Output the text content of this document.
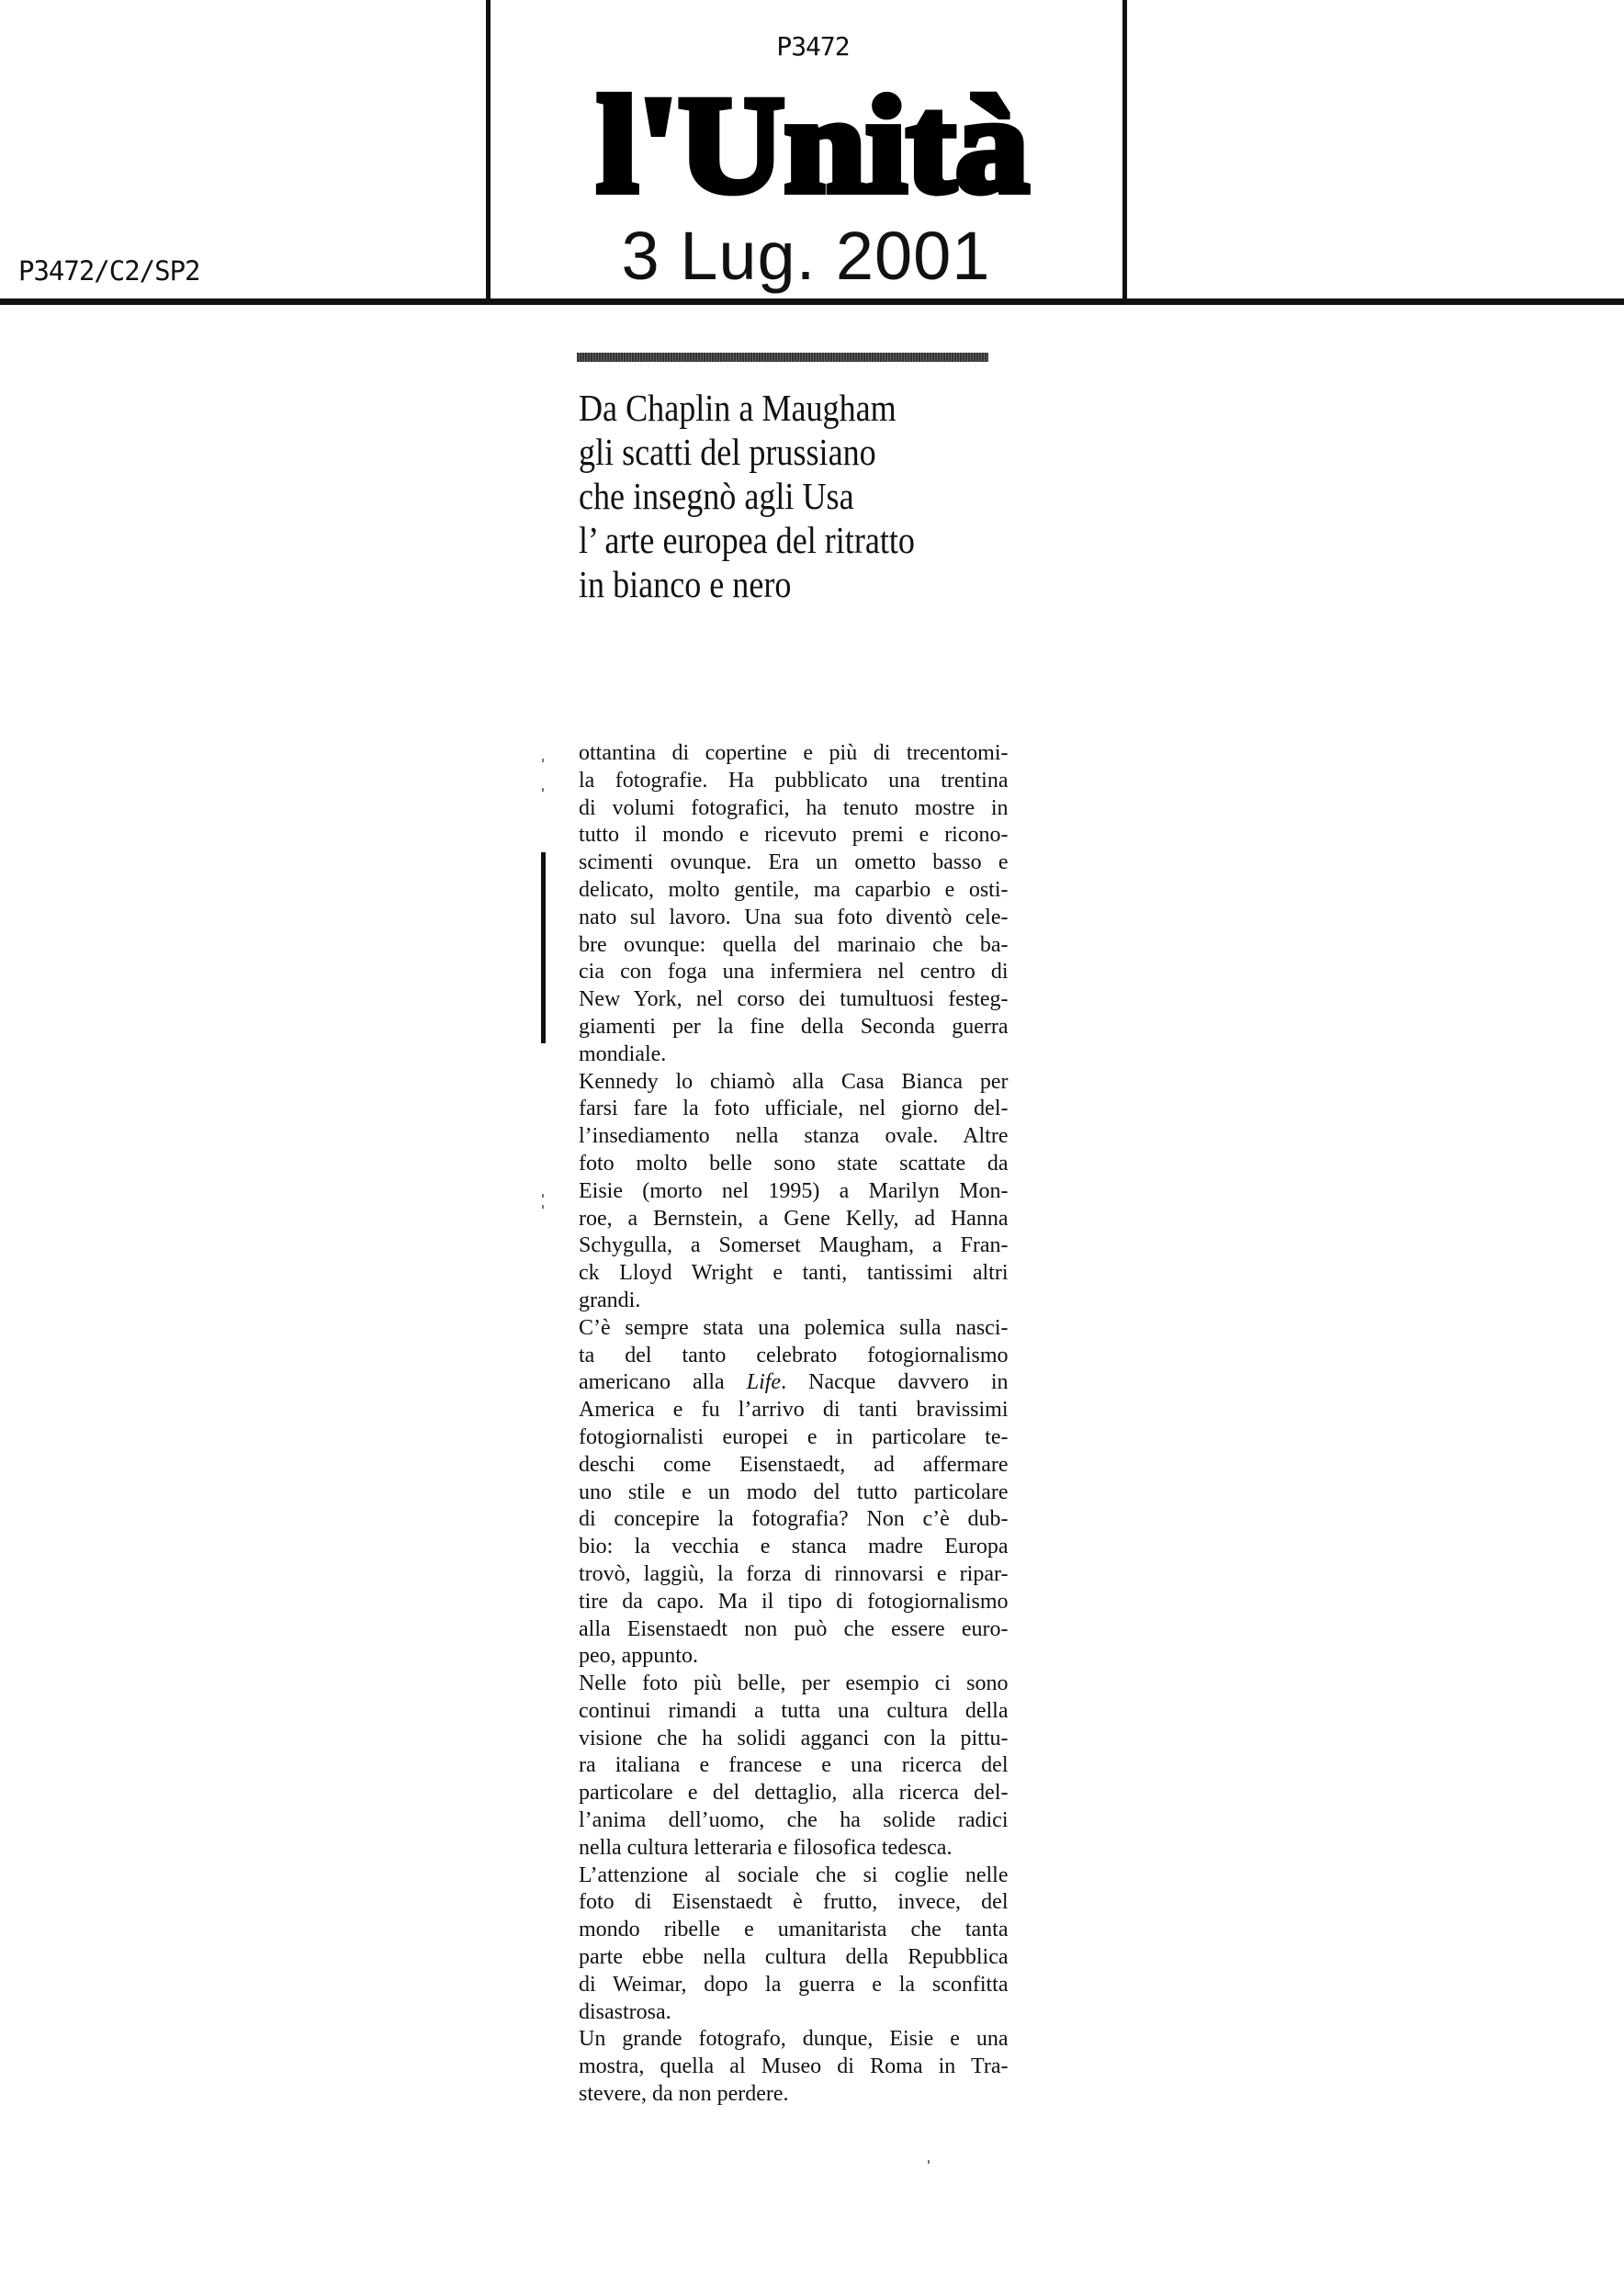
P3472
l'Unità
3 Lug. 2001
P3472/C2/SP2
Da Chaplin a Maugham
gli scatti del prussiano
che insegnò agli Usa
l’ arte europea del ritratto
in bianco e nero
ottantina di copertine e più di trecentomi-
la fotografie. Ha pubblicato una trentina
di volumi fotografici, ha tenuto mostre in
tutto il mondo e ricevuto premi e ricono-
scimenti ovunque. Era un ometto basso e
delicato, molto gentile, ma caparbio e osti-
nato sul lavoro. Una sua foto diventò cele-
bre ovunque: quella del marinaio che ba-
cia con foga una infermiera nel centro di
New York, nel corso dei tumultuosi festeg-
giamenti per la fine della Seconda guerra
mondiale.
Kennedy lo chiamò alla Casa Bianca per
farsi fare la foto ufficiale, nel giorno del-
l’insediamento nella stanza ovale. Altre
foto molto belle sono state scattate da
Eisie (morto nel 1995) a Marilyn Mon-
roe, a Bernstein, a Gene Kelly, ad Hanna
Schygulla, a Somerset Maugham, a Fran-
ck Lloyd Wright e tanti, tantissimi altri
grandi.
C’è sempre stata una polemica sulla nasci-
ta del tanto celebrato fotogiornalismo
americano alla Life. Nacque davvero in
America e fu l’arrivo di tanti bravissimi
fotogiornalisti europei e in particolare te-
deschi come Eisenstaedt, ad affermare
uno stile e un modo del tutto particolare
di concepire la fotografia? Non c’è dub-
bio: la vecchia e stanca madre Europa
trovò, laggiù, la forza di rinnovarsi e ripar-
tire da capo. Ma il tipo di fotogiornalismo
alla Eisenstaedt non può che essere euro-
peo, appunto.
Nelle foto più belle, per esempio ci sono
continui rimandi a tutta una cultura della
visione che ha solidi agganci con la pittu-
ra italiana e francese e una ricerca del
particolare e del dettaglio, alla ricerca del-
l’anima dell’uomo, che ha solide radici
nella cultura letteraria e filosofica tedesca.
L’attenzione al sociale che si coglie nelle
foto di Eisenstaedt è frutto, invece, del
mondo ribelle e umanitarista che tanta
parte ebbe nella cultura della Repubblica
di Weimar, dopo la guerra e la sconfitta
disastrosa.
Un grande fotografo, dunque, Eisie e una
mostra, quella al Museo di Roma in Tra-
stevere, da non perdere.
